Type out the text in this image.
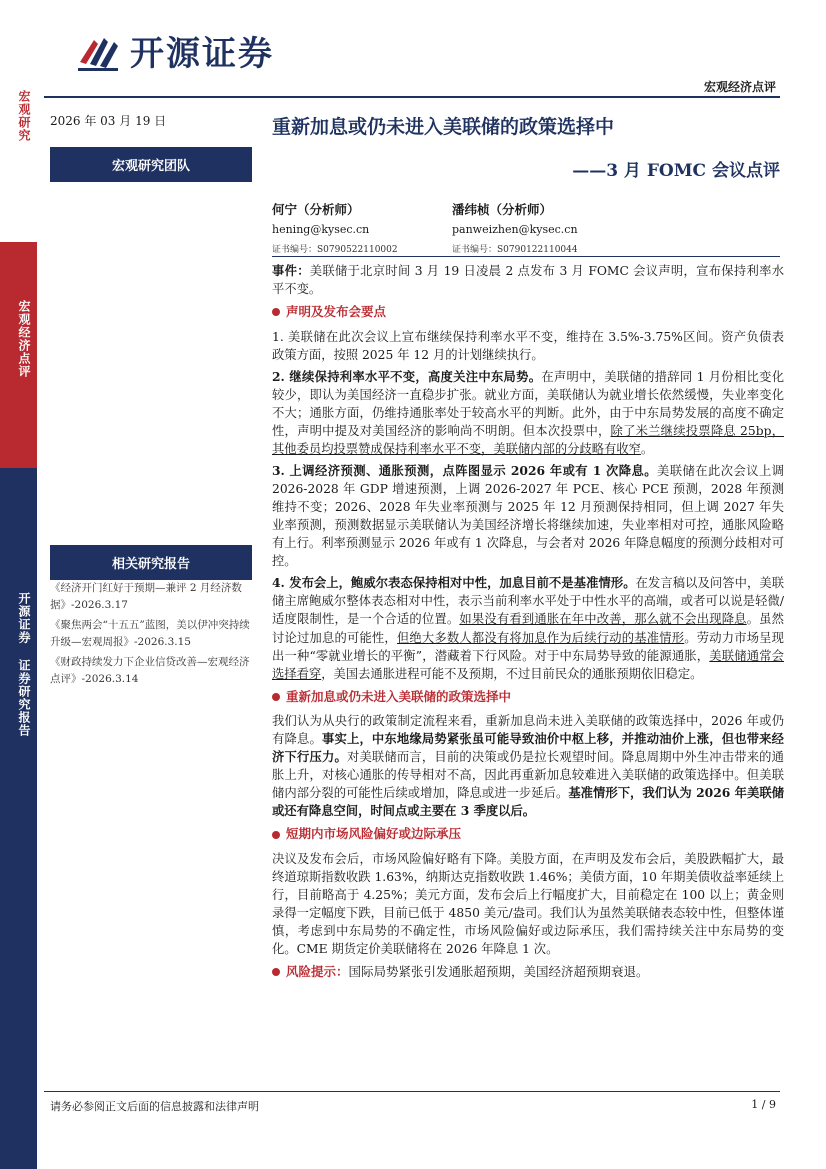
开源证券
宏观经济点评
宏观研究
宏观经济点评
开源证券 证券研究报告
2026 年 03 月 19 日
宏观研究团队
相关研究报告

《经济开门红好于预期—兼评 2 月经济数据》-2026.3.17

《聚焦两会“十五五”蓝图，美以伊冲突持续升级—宏观周报》-2026.3.15

《财政持续发力下企业信贷改善—宏观经济点评》-2026.3.14

重新加息或仍未进入美联储的政策选择中
——3 月 FOMC 会议点评
何宁（分析师）
hening@kysec.cn
证书编号：S0790522110002
潘纬桢（分析师）
panweizhen@kysec.cn
证书编号：S0790122110044

事件：美联储于北京时间 3 月 19 日凌晨 2 点发布 3 月 FOMC 会议声明，宣布保持利率水平不变。

声明及发布会要点

1. 美联储在此次会议上宣布继续保持利率水平不变，维持在 3.5%-3.75%区间。资产负债表政策方面，按照 2025 年 12 月的计划继续执行。

2. 继续保持利率水平不变，高度关注中东局势。在声明中，美联储的措辞同 1 月份相比变化较少，即认为美国经济一直稳步扩张。就业方面，美联储认为就业增长依然缓慢，失业率变化不大；通胀方面，仍维持通胀率处于较高水平的判断。此外，由于中东局势发展的高度不确定性，声明中提及对美国经济的影响尚不明朗。但本次投票中，除了米兰继续投票降息 25bp，其他委员均投票赞成保持利率水平不变，美联储内部的分歧略有收窄。

3. 上调经济预测、通胀预测，点阵图显示 2026 年或有 1 次降息。美联储在此次会议上调 2026-2028 年 GDP 增速预测，上调 2026-2027 年 PCE、核心 PCE 预测，2028 年预测维持不变；2026、2028 年失业率预测与 2025 年 12 月预测保持相同，但上调 2027 年失业率预测，预测数据显示美联储认为美国经济增长将继续加速，失业率相对可控，通胀风险略有上行。利率预测显示 2026 年或有 1 次降息，与会者对 2026 年降息幅度的预测分歧相对可控。

4. 发布会上，鲍威尔表态保持相对中性，加息目前不是基准情形。在发言稿以及问答中，美联储主席鲍威尔整体表态相对中性，表示当前利率水平处于中性水平的高端，或者可以说是轻微/适度限制性，是一个合适的位置。如果没有看到通胀在年中改善，那么就不会出现降息。虽然讨论过加息的可能性，但绝大多数人都没有将加息作为后续行动的基准情形。劳动力市场呈现出一种“零就业增长的平衡”，潜藏着下行风险。对于中东局势导致的能源通胀，美联储通常会选择看穿，美国去通胀进程可能不及预期，不过目前民众的通胀预期依旧稳定。

重新加息或仍未进入美联储的政策选择中

我们认为从央行的政策制定流程来看，重新加息尚未进入美联储的政策选择中，2026 年或仍有降息。事实上，中东地缘局势紧张虽可能导致油价中枢上移，并推动油价上涨，但也带来经济下行压力。对美联储而言，目前的决策或仍是拉长观望时间。降息周期中外生冲击带来的通胀上升，对核心通胀的传导相对不高，因此再重新加息较难进入美联储的政策选择中。但美联储内部分裂的可能性后续或增加，降息或进一步延后。基准情形下，我们认为 2026 年美联储或还有降息空间，时间点或主要在 3 季度以后。

短期内市场风险偏好或边际承压

决议及发布会后，市场风险偏好略有下降。美股方面，在声明及发布会后，美股跌幅扩大，最终道琼斯指数收跌 1.63%，纳斯达克指数收跌 1.46%；美债方面，10 年期美债收益率延续上行，目前略高于 4.25%；美元方面，发布会后上行幅度扩大，目前稳定在 100 以上；黄金则录得一定幅度下跌，目前已低于 4850 美元/盎司。我们认为虽然美联储表态较中性，但整体谨慎，考虑到中东局势的不确定性，市场风险偏好或边际承压，我们需持续关注中东局势的变化。CME 期货定价美联储将在 2026 年降息 1 次。

风险提示： 国际局势紧张引发通胀超预期，美国经济超预期衰退。
请务必参阅正文后面的信息披露和法律声明	1 / 9
